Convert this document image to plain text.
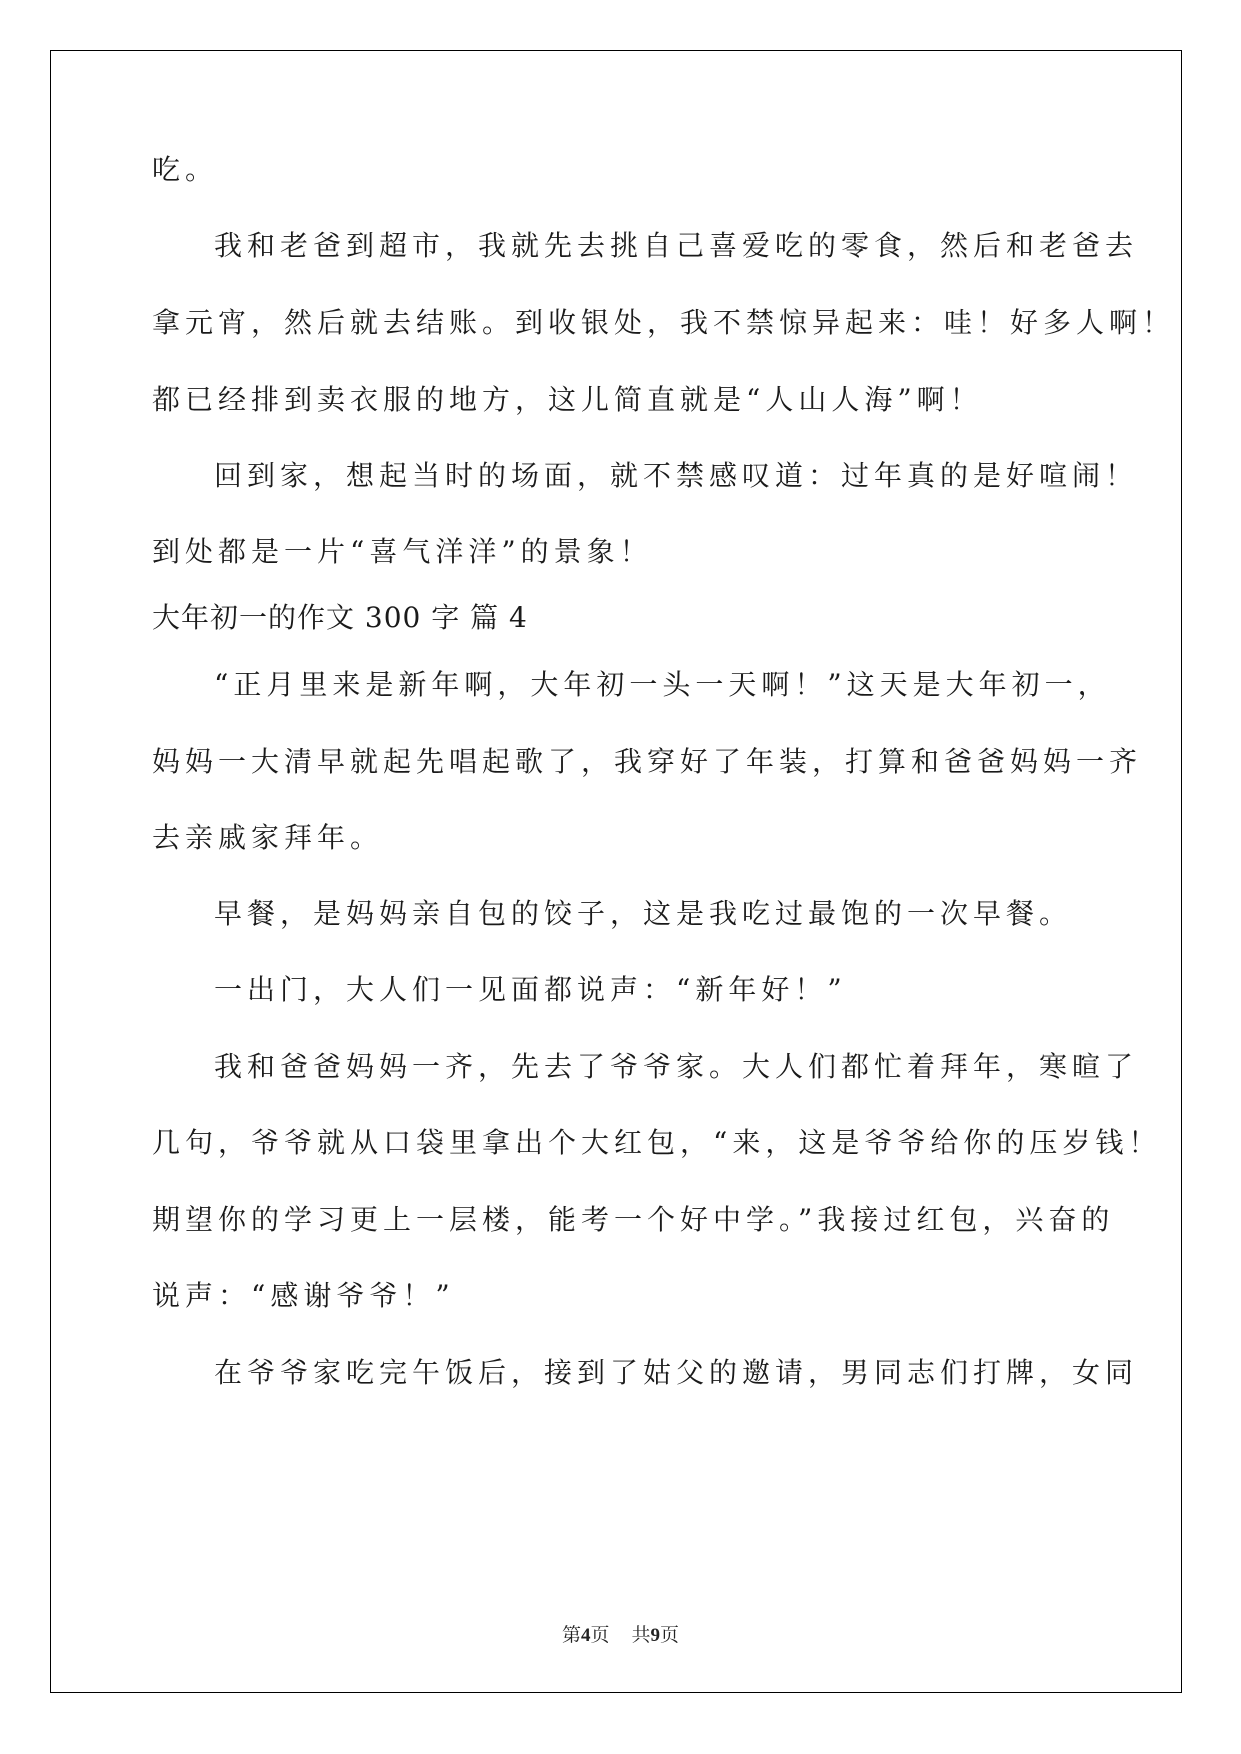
吃。
我和老爸到超市，我就先去挑自己喜爱吃的零食，然后和老爸去
拿元宵，然后就去结账。到收银处，我不禁惊异起来：哇！好多人啊！
都已经排到卖衣服的地方，这儿简直就是“人山人海”啊！
回到家，想起当时的场面，就不禁感叹道：过年真的是好喧闹！
到处都是一片“喜气洋洋”的景象！
大年初一的作文 300 字 篇 4
“正月里来是新年啊，大年初一头一天啊！”这天是大年初一，
妈妈一大清早就起先唱起歌了，我穿好了年装，打算和爸爸妈妈一齐
去亲戚家拜年。
早餐，是妈妈亲自包的饺子，这是我吃过最饱的一次早餐。
一出门，大人们一见面都说声：“新年好！”
我和爸爸妈妈一齐，先去了爷爷家。大人们都忙着拜年，寒暄了
几句，爷爷就从口袋里拿出个大红包，“来，这是爷爷给你的压岁钱！
期望你的学习更上一层楼，能考一个好中学。”我接过红包，兴奋的
说声：“感谢爷爷！”
在爷爷家吃完午饭后，接到了姑父的邀请，男同志们打牌，女同
第4页 共9页
